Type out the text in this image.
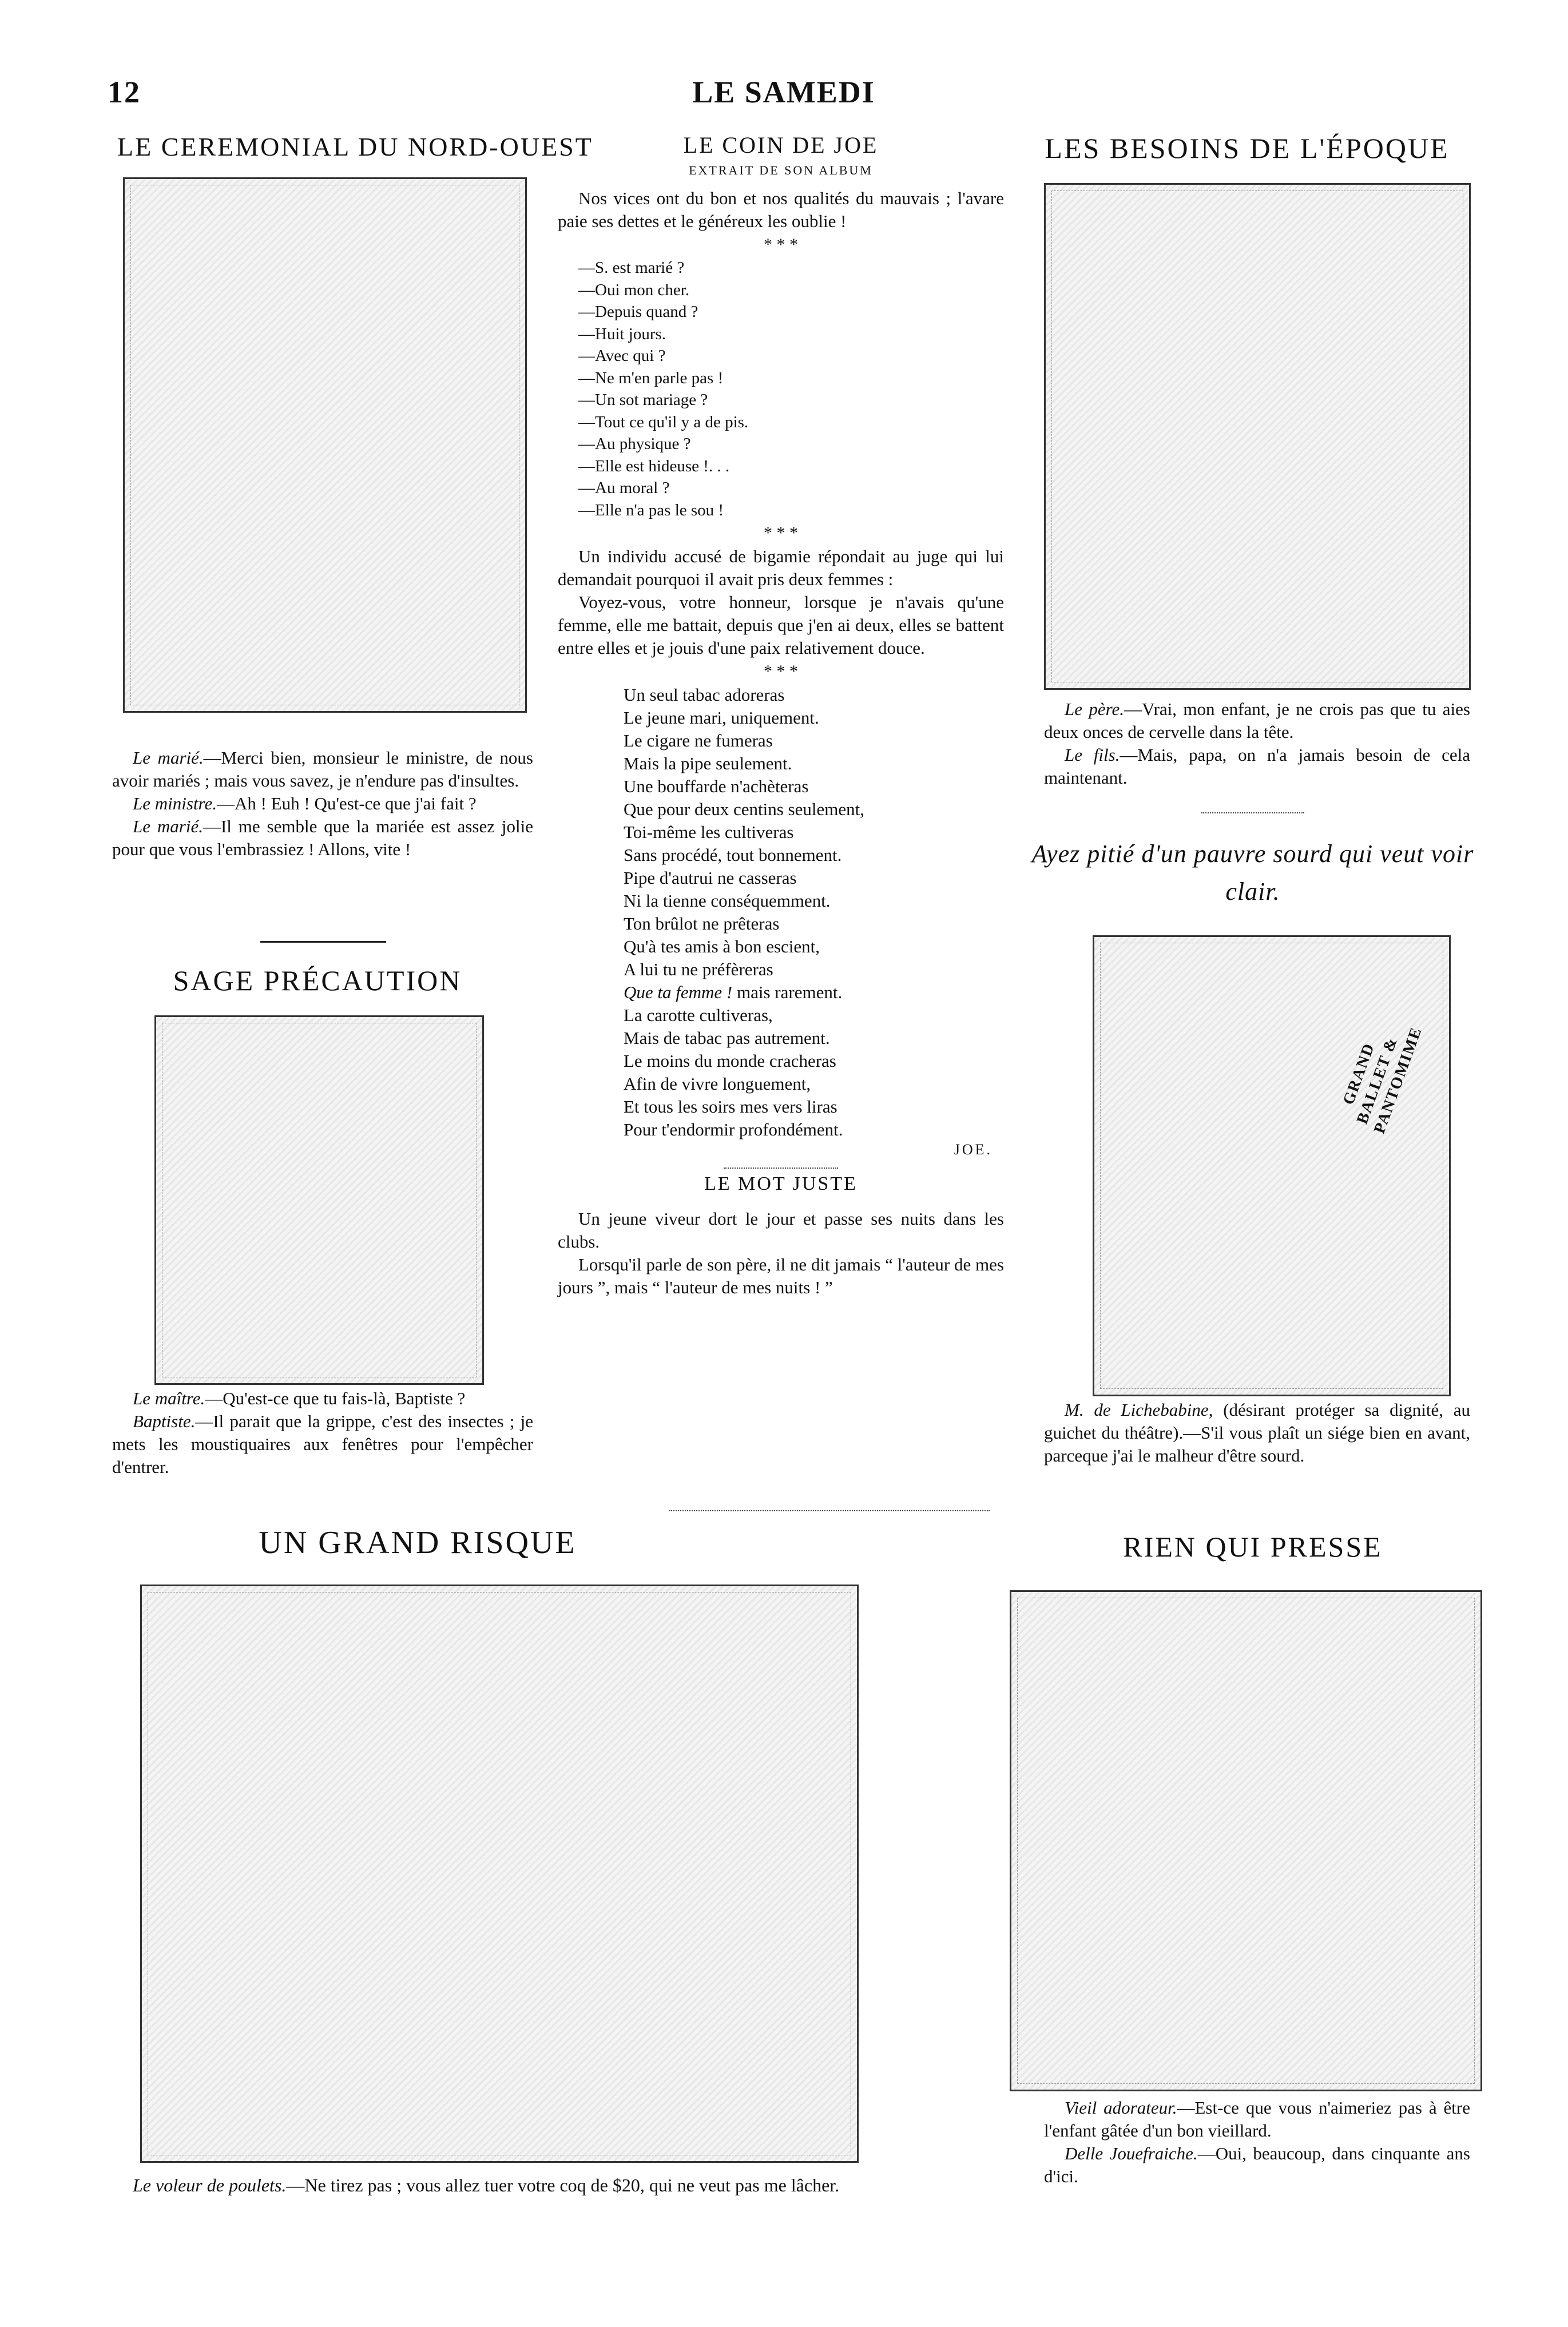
12	LE SAMEDI
LE CEREMONIAL DU NORD-OUEST

Le marié.—Merci bien, monsieur le ministre, de nous avoir mariés ; mais vous savez, je n'endure pas d'insultes.

Le ministre.—Ah ! Euh ! Qu'est-ce que j'ai fait ?

Le marié.—Il me semble que la mariée est assez jolie pour que vous l'embrassiez ! Allons, vite !

SAGE PRÉCAUTION

Le maître.—Qu'est-ce que tu fais-là, Baptiste ?

Baptiste.—Il parait que la grippe, c'est des insectes ; je mets les moustiquaires aux fenêtres pour l'empêcher d'entrer.

LE COIN DE JOE
EXTRAIT DE SON ALBUM

Nos vices ont du bon et nos qualités du mauvais ; l'avare paie ses dettes et le généreux les oublie !

* * *
—S. est marié ?
—Oui mon cher.
—Depuis quand ?
—Huit jours.
—Avec qui ?
—Ne m'en parle pas !
—Un sot mariage ?
—Tout ce qu'il y a de pis.
—Au physique ?
—Elle est hideuse !. . .
—Au moral ?
—Elle n'a pas le sou !
* * *

Un individu accusé de bigamie répondait au juge qui lui demandait pourquoi il avait pris deux femmes :

Voyez-vous, votre honneur, lorsque je n'avais qu'une femme, elle me battait, depuis que j'en ai deux, elles se battent entre elles et je jouis d'une paix relativement douce.

* * *
Un seul tabac adoreras
Le jeune mari, uniquement.
Le cigare ne fumeras
Mais la pipe seulement.
Une bouffarde n'achèteras
Que pour deux centins seulement,
Toi-même les cultiveras
Sans procédé, tout bonnement.
Pipe d'autrui ne casseras
Ni la tienne conséquemment.
Ton brûlot ne prêteras
Qu'à tes amis à bon escient,
A lui tu ne préfèreras
Que ta femme ! mais rarement.
La carotte cultiveras,
Mais de tabac pas autrement.
Le moins du monde cracheras
Afin de vivre longuement,
Et tous les soirs mes vers liras
Pour t'endormir profondément.
JOE.
LE MOT JUSTE

Un jeune viveur dort le jour et passe ses nuits dans les clubs.

Lorsqu'il parle de son père, il ne dit jamais “ l'auteur de mes jours ”, mais “ l'auteur de mes nuits ! ”

LES BESOINS DE L'ÉPOQUE

Le père.—Vrai, mon enfant, je ne crois pas que tu aies deux onces de cervelle dans la tête.

Le fils.—Mais, papa, on n'a jamais besoin de cela maintenant.

Ayez pitié d'un pauvre sourd qui veut voir clair.
GRAND BALLET & PANTOMIME

M. de Lichebabine, (désirant protéger sa dignité, au guichet du théâtre).—S'il vous plaît un siége bien en avant, parceque j'ai le malheur d'être sourd.

UN GRAND RISQUE

Le voleur de poulets.—Ne tirez pas ; vous allez tuer votre coq de $20, qui ne veut pas me lâcher.

RIEN QUI PRESSE

Vieil adorateur.—Est-ce que vous n'aimeriez pas à être l'enfant gâtée d'un bon vieillard.

Delle Jouefraiche.—Oui, beaucoup, dans cinquante ans d'ici.
